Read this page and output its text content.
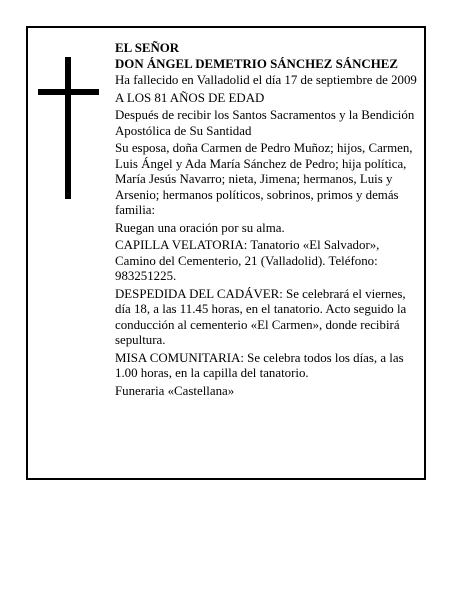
EL SEÑOR

DON ÁNGEL DEMETRIO SÁNCHEZ SÁNCHEZ

Ha fallecido en Valladolid el día 17 de septiembre de 2009

A LOS 81 AÑOS DE EDAD

Después de recibir los Santos Sacramentos y la Bendición Apostólica de Su Santidad

Su esposa, doña Carmen de Pedro Muñoz; hijos, Carmen, Luis Ángel y Ada María Sánchez de Pedro; hija política, María Jesús Navarro; nieta, Jimena; hermanos, Luis y Arsenio; hermanos políticos, sobrinos, primos y demás familia:

Ruegan una oración por su alma.

CAPILLA VELATORIA: Tanatorio «El Salvador», Camino del Cementerio, 21 (Valladolid). Teléfono: 983251225.

DESPEDIDA DEL CADÁVER: Se celebrará el viernes, día 18, a las 11.45 horas, en el tanatorio. Acto seguido la conducción al cementerio «El Carmen», donde recibirá sepultura.

MISA COMUNITARIA: Se celebra todos los días, a las 1.00 horas, en la capilla del tanatorio.

Funeraria «Castellana»
